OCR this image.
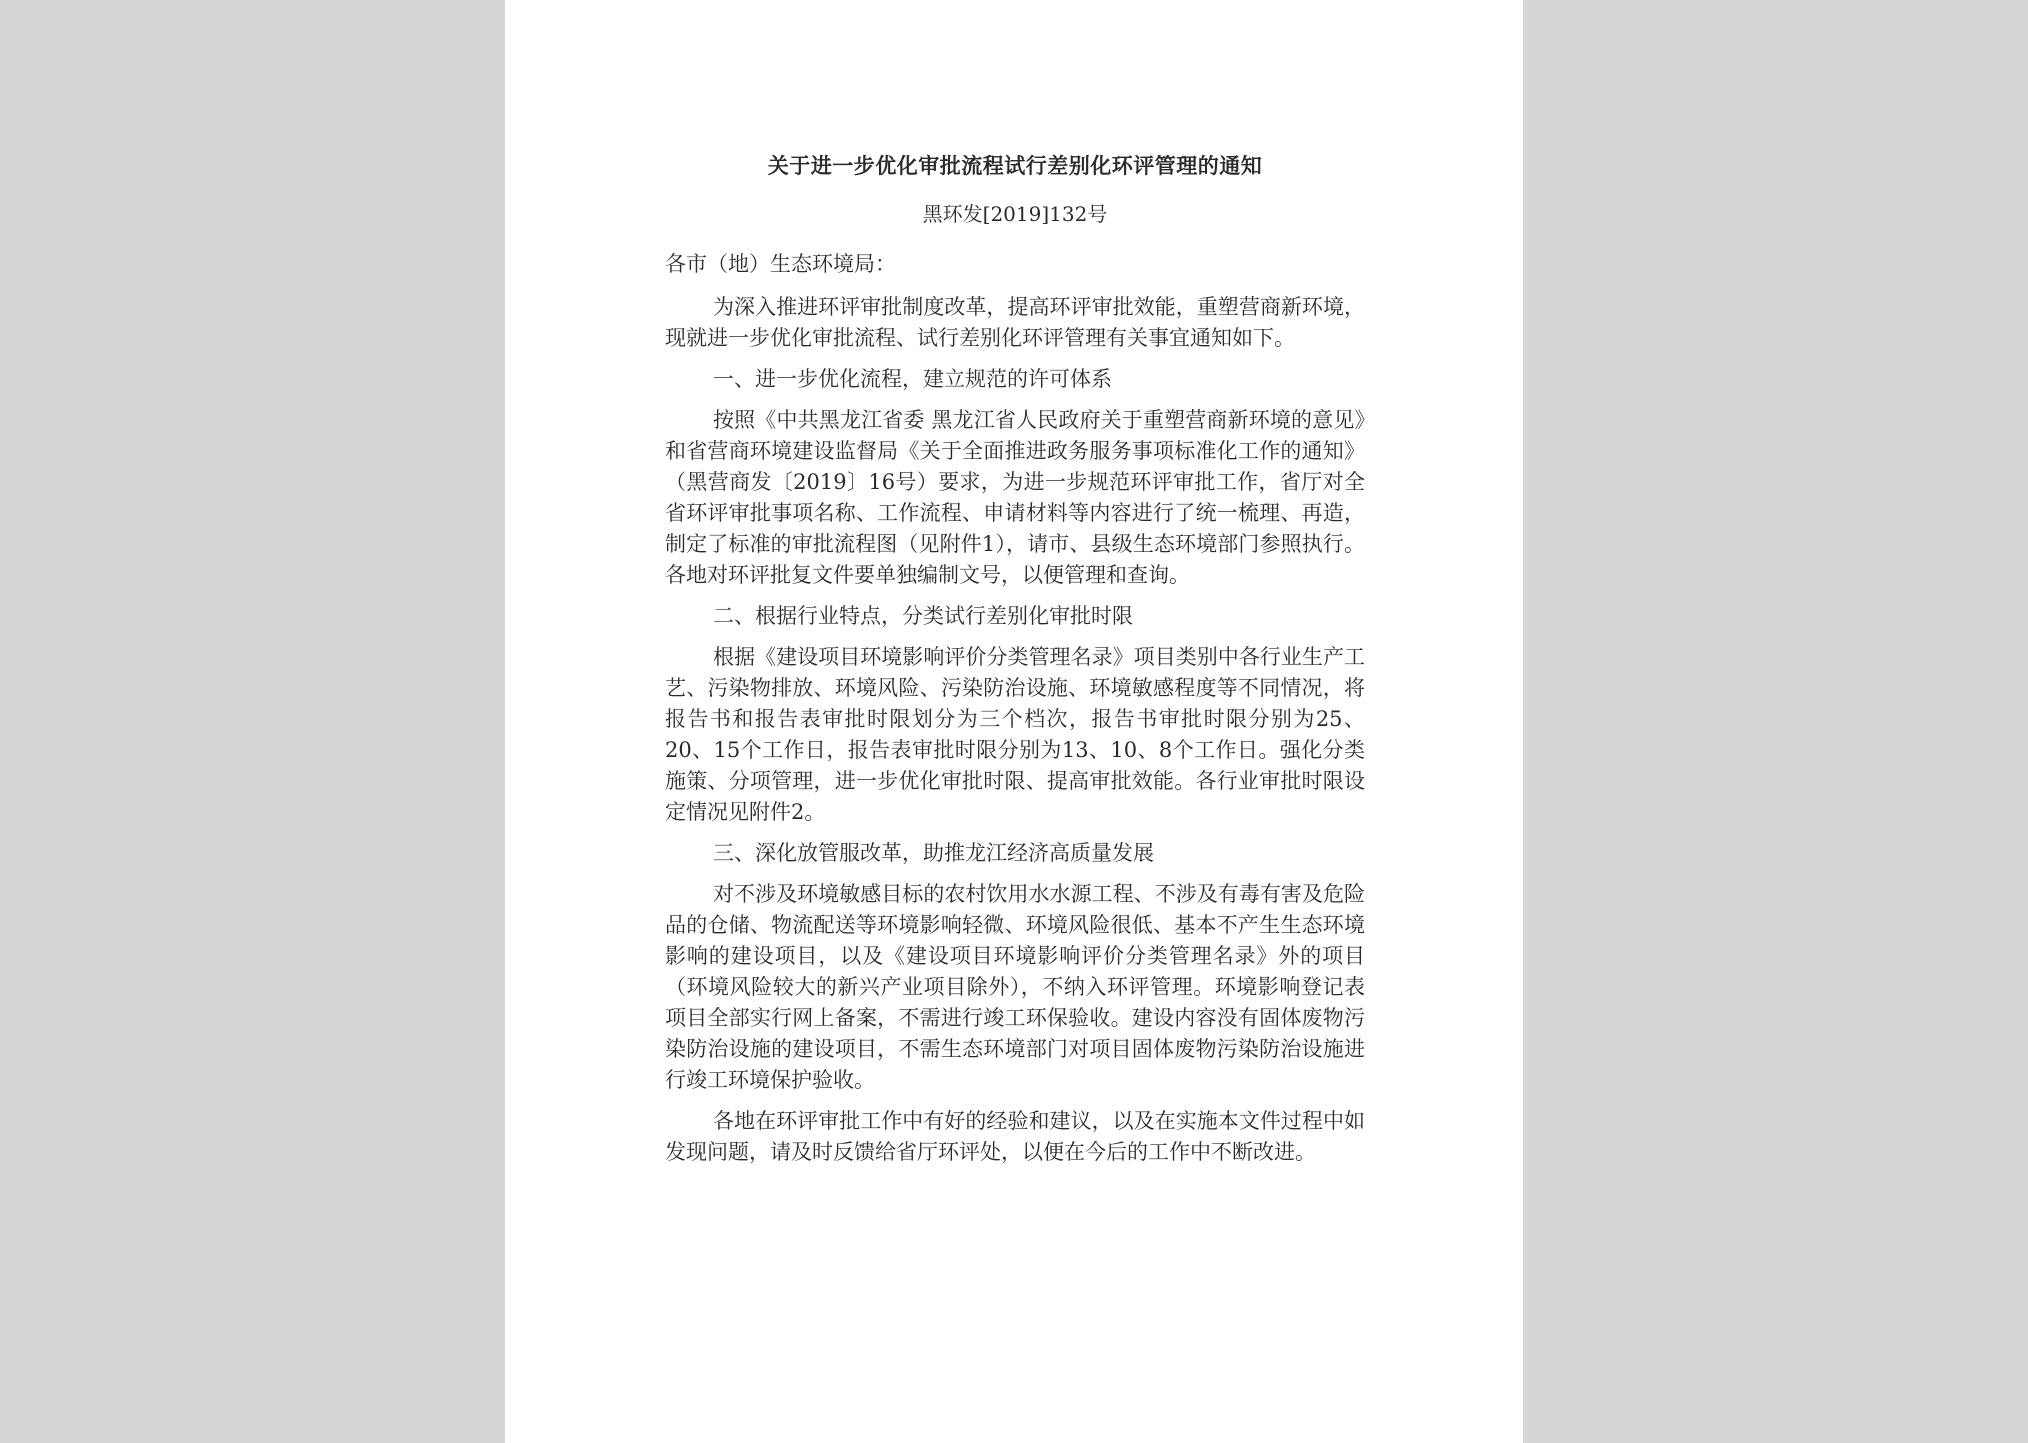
关于进一步优化审批流程试行差别化环评管理的通知
黑环发[2019]132号
各市（地）生态环境局：

为深入推进环评审批制度改革，提高环评审批效能，重塑营商新环境，现就进一步优化审批流程、试行差别化环评管理有关事宜通知如下。

一、进一步优化流程，建立规范的许可体系

按照《中共黑龙江省委 黑龙江省人民政府关于重塑营商新环境的意见》和省营商环境建设监督局《关于全面推进政务服务事项标准化工作的通知》（黑营商发〔2019〕16号）要求，为进一步规范环评审批工作，省厅对全省环评审批事项名称、工作流程、申请材料等内容进行了统一梳理、再造，制定了标准的审批流程图（见附件1），请市、县级生态环境部门参照执行。各地对环评批复文件要单独编制文号，以便管理和查询。

二、根据行业特点，分类试行差别化审批时限

根据《建设项目环境影响评价分类管理名录》项目类别中各行业生产工艺、污染物排放、环境风险、污染防治设施、环境敏感程度等不同情况，将报告书和报告表审批时限划分为三个档次，报告书审批时限分别为25、20、15个工作日，报告表审批时限分别为13、10、8个工作日。强化分类施策、分项管理，进一步优化审批时限、提高审批效能。各行业审批时限设定情况见附件2。

三、深化放管服改革，助推龙江经济高质量发展

对不涉及环境敏感目标的农村饮用水水源工程、不涉及有毒有害及危险品的仓储、物流配送等环境影响轻微、环境风险很低、基本不产生生态环境影响的建设项目，以及《建设项目环境影响评价分类管理名录》外的项目（环境风险较大的新兴产业项目除外），不纳入环评管理。环境影响登记表项目全部实行网上备案，不需进行竣工环保验收。建设内容没有固体废物污染防治设施的建设项目，不需生态环境部门对项目固体废物污染防治设施进行竣工环境保护验收。

各地在环评审批工作中有好的经验和建议，以及在实施本文件过程中如发现问题，请及时反馈给省厅环评处，以便在今后的工作中不断改进。
